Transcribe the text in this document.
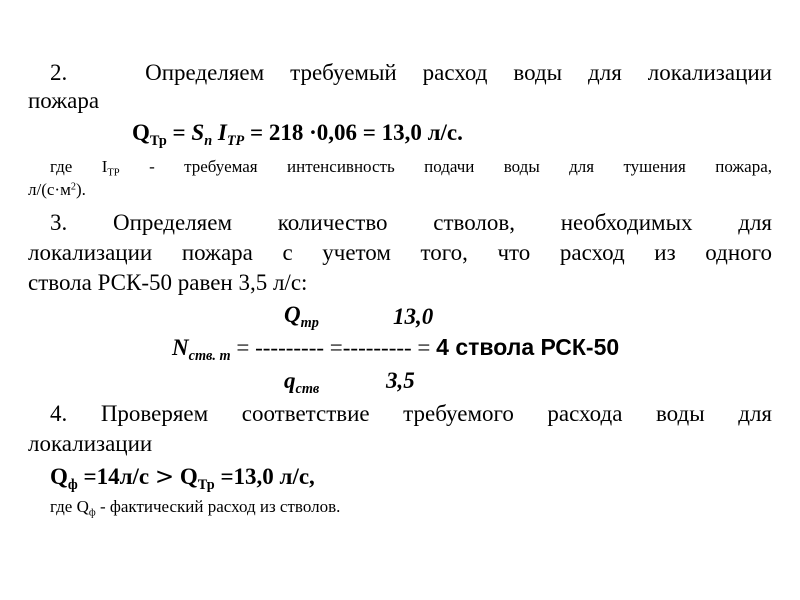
2.	Определяем требуемый расход воды для локализации
пожара
$Q_{Тр} = S_п$ $I_{ТР} = 218 \cdot 0,06 = 13,0$ л/с.
где $I_{ТР}$ - требуемая интенсивность подачи воды для тушения пожара,
$л/(с\cdot м^2)$.
3. Определяем количество стволов, необходимых для
локализации пожара с учетом того, что расход из одного
ствола РСК-50 равен 3,5 л/с:
$Q_{тр}$	13,0
$N_{ств. т}$ = --------- =--------- = 4 ствола РСК-50
$q_{ств}$	3,5
4. Проверяем соответствие требуемого расхода воды для
локализации
$Q_ф =14л/с > Q_{Тр} =13,0$ л/с,
где $Q_ф$ - фактический расход из стволов.
